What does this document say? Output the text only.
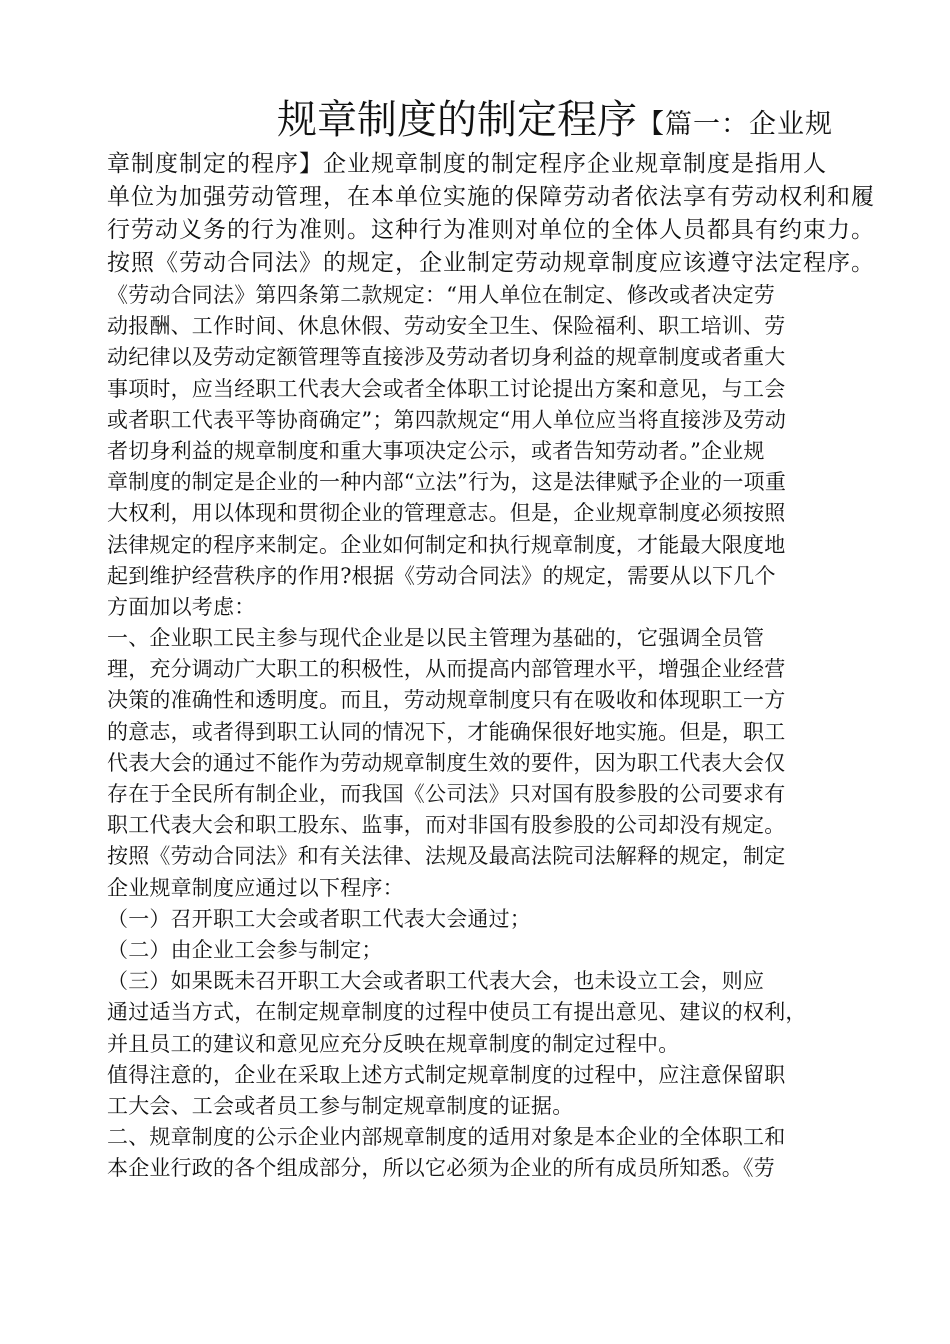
规章制度的制定程序【篇一：企业规
章制度制定的程序】企业规章制度的制定程序企业规章制度是指用人
单位为加强劳动管理，在本单位实施的保障劳动者依法享有劳动权利和履
行劳动义务的行为准则。这种行为准则对单位的全体人员都具有约束力。
按照《劳动合同法》的规定，企业制定劳动规章制度应该遵守法定程序。
《劳动合同法》第四条第二款规定：“用人单位在制定、修改或者决定劳
动报酬、工作时间、休息休假、劳动安全卫生、保险福利、职工培训、劳
动纪律以及劳动定额管理等直接涉及劳动者切身利益的规章制度或者重大
事项时，应当经职工代表大会或者全体职工讨论提出方案和意见，与工会
或者职工代表平等协商确定”；第四款规定“用人单位应当将直接涉及劳动
者切身利益的规章制度和重大事项决定公示，或者告知劳动者。”企业规
章制度的制定是企业的一种内部“立法”行为，这是法律赋予企业的一项重
大权利，用以体现和贯彻企业的管理意志。但是，企业规章制度必须按照
法律规定的程序来制定。企业如何制定和执行规章制度，才能最大限度地
起到维护经营秩序的作用?根据《劳动合同法》的规定，需要从以下几个
方面加以考虑：
一、企业职工民主参与现代企业是以民主管理为基础的，它强调全员管
理，充分调动广大职工的积极性，从而提高内部管理水平，增强企业经营
决策的准确性和透明度。而且，劳动规章制度只有在吸收和体现职工一方
的意志，或者得到职工认同的情况下，才能确保很好地实施。但是，职工
代表大会的通过不能作为劳动规章制度生效的要件，因为职工代表大会仅
存在于全民所有制企业，而我国《公司法》只对国有股参股的公司要求有
职工代表大会和职工股东、监事，而对非国有股参股的公司却没有规定。
按照《劳动合同法》和有关法律、法规及最高法院司法解释的规定，制定
企业规章制度应通过以下程序：
（一）召开职工大会或者职工代表大会通过；
（二）由企业工会参与制定；
（三）如果既未召开职工大会或者职工代表大会，也未设立工会，则应
通过适当方式，在制定规章制度的过程中使员工有提出意见、建议的权利，
并且员工的建议和意见应充分反映在规章制度的制定过程中。
值得注意的，企业在采取上述方式制定规章制度的过程中，应注意保留职
工大会、工会或者员工参与制定规章制度的证据。
二、规章制度的公示企业内部规章制度的适用对象是本企业的全体职工和
本企业行政的各个组成部分，所以它必须为企业的所有成员所知悉。《劳
